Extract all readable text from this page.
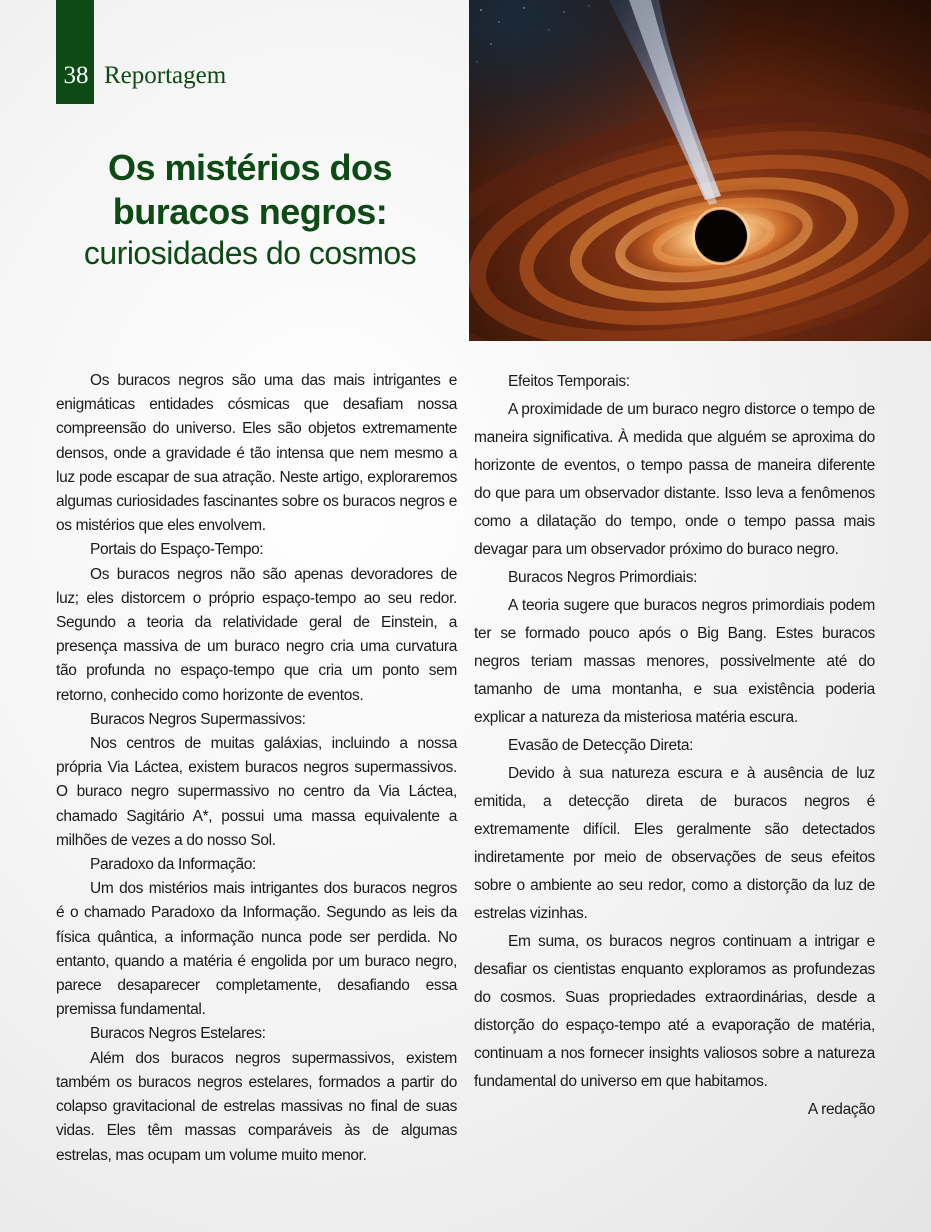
38 Reportagem
Os mistérios dos
buracos negros:
curiosidades do cosmos

Os buracos negros são uma das mais intrigantes e enigmáticas entidades cósmicas que desafiam nossa compreensão do universo. Eles são objetos extremamente densos, onde a gravidade é tão intensa que nem mesmo a luz pode escapar de sua atração. Neste artigo, exploraremos algumas curiosidades fascinantes sobre os buracos negros e os mistérios que eles envolvem.

Portais do Espaço-Tempo:

Os buracos negros não são apenas devoradores de luz; eles distorcem o próprio espaço-tempo ao seu redor. Segundo a teoria da relatividade geral de Einstein, a presença massiva de um buraco negro cria uma curvatura tão profunda no espaço-tempo que cria um ponto sem retorno, conhecido como horizonte de eventos.

Buracos Negros Supermassivos:

Nos centros de muitas galáxias, incluindo a nossa própria Via Láctea, existem buracos negros supermassivos. O buraco negro supermassivo no centro da Via Láctea, chamado Sagitário A*, possui uma massa equivalente a milhões de vezes a do nosso Sol.

Paradoxo da Informação:

Um dos mistérios mais intrigantes dos buracos negros é o chamado Paradoxo da Informação. Segundo as leis da física quântica, a informação nunca pode ser perdida. No entanto, quando a matéria é engolida por um buraco negro, parece desaparecer completamente, desafiando essa premissa fundamental.

Buracos Negros Estelares:

Além dos buracos negros supermassivos, existem também os buracos negros estelares, formados a partir do colapso gravitacional de estrelas massivas no final de suas vidas. Eles têm massas comparáveis às de algumas estrelas, mas ocupam um volume muito menor.

Efeitos Temporais:

A proximidade de um buraco negro distorce o tempo de maneira significativa. À medida que alguém se aproxima do horizonte de eventos, o tempo passa de maneira diferente do que para um observador distante. Isso leva a fenômenos como a dilatação do tempo, onde o tempo passa mais devagar para um observador próximo do buraco negro.

Buracos Negros Primordiais:

A teoria sugere que buracos negros primordiais podem ter se formado pouco após o Big Bang. Estes buracos negros teriam massas menores, possivelmente até do tamanho de uma montanha, e sua existência poderia explicar a natureza da misteriosa matéria escura.

Evasão de Detecção Direta:

Devido à sua natureza escura e à ausência de luz emitida, a detecção direta de buracos negros é extremamente difícil. Eles geralmente são detectados indiretamente por meio de observações de seus efeitos sobre o ambiente ao seu redor, como a distorção da luz de estrelas vizinhas.

Em suma, os buracos negros continuam a intrigar e desafiar os cientistas enquanto exploramos as profundezas do cosmos. Suas propriedades extraordinárias, desde a distorção do espaço-tempo até a evaporação de matéria, continuam a nos fornecer insights valiosos sobre a natureza fundamental do universo em que habitamos.

A redação
